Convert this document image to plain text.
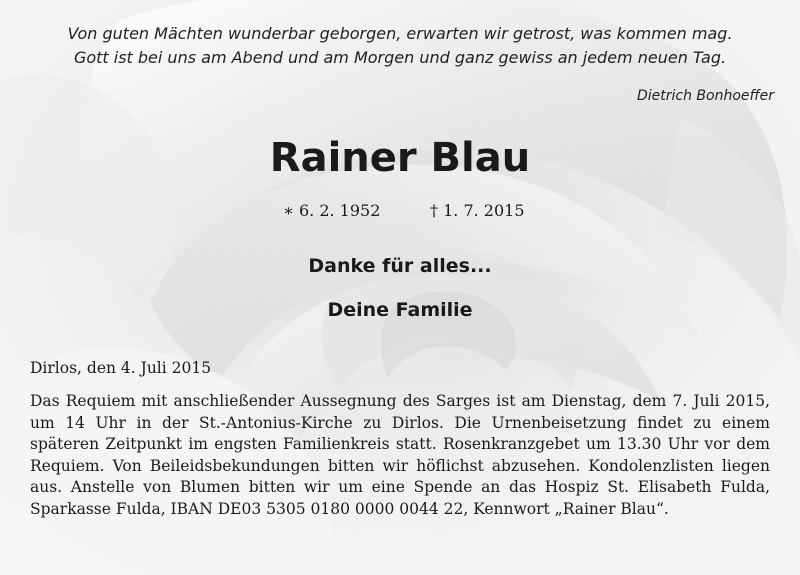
Von guten Mächten wunderbar geborgen, erwarten wir getrost, was kommen mag.
Gott ist bei uns am Abend und am Morgen und ganz gewiss an jedem neuen Tag.
Dietrich Bonhoeffer
Rainer Blau
∗ 6. 2. 1952	† 1. 7. 2015
Danke für alles...
Deine Familie
Dirlos, den 4. Juli 2015
Das Requiem mit anschließender Aussegnung des Sarges ist am Dienstag, dem 7. Juli 2015, um 14 Uhr in der St.-Antonius-Kirche zu Dirlos. Die Urnenbeisetzung findet zu einem späteren Zeitpunkt im engsten Familienkreis statt. Rosenkranzgebet um 13.30 Uhr vor dem Requiem. Von Beileidsbekundungen bitten wir höflichst abzusehen. Kondolenzlisten liegen aus. Anstelle von Blumen bitten wir um eine Spende an das Hospiz St. Elisabeth Fulda, Sparkasse Fulda, IBAN DE03 5305 0180 0000 0044 22, Kennwort „Rainer Blau“.
